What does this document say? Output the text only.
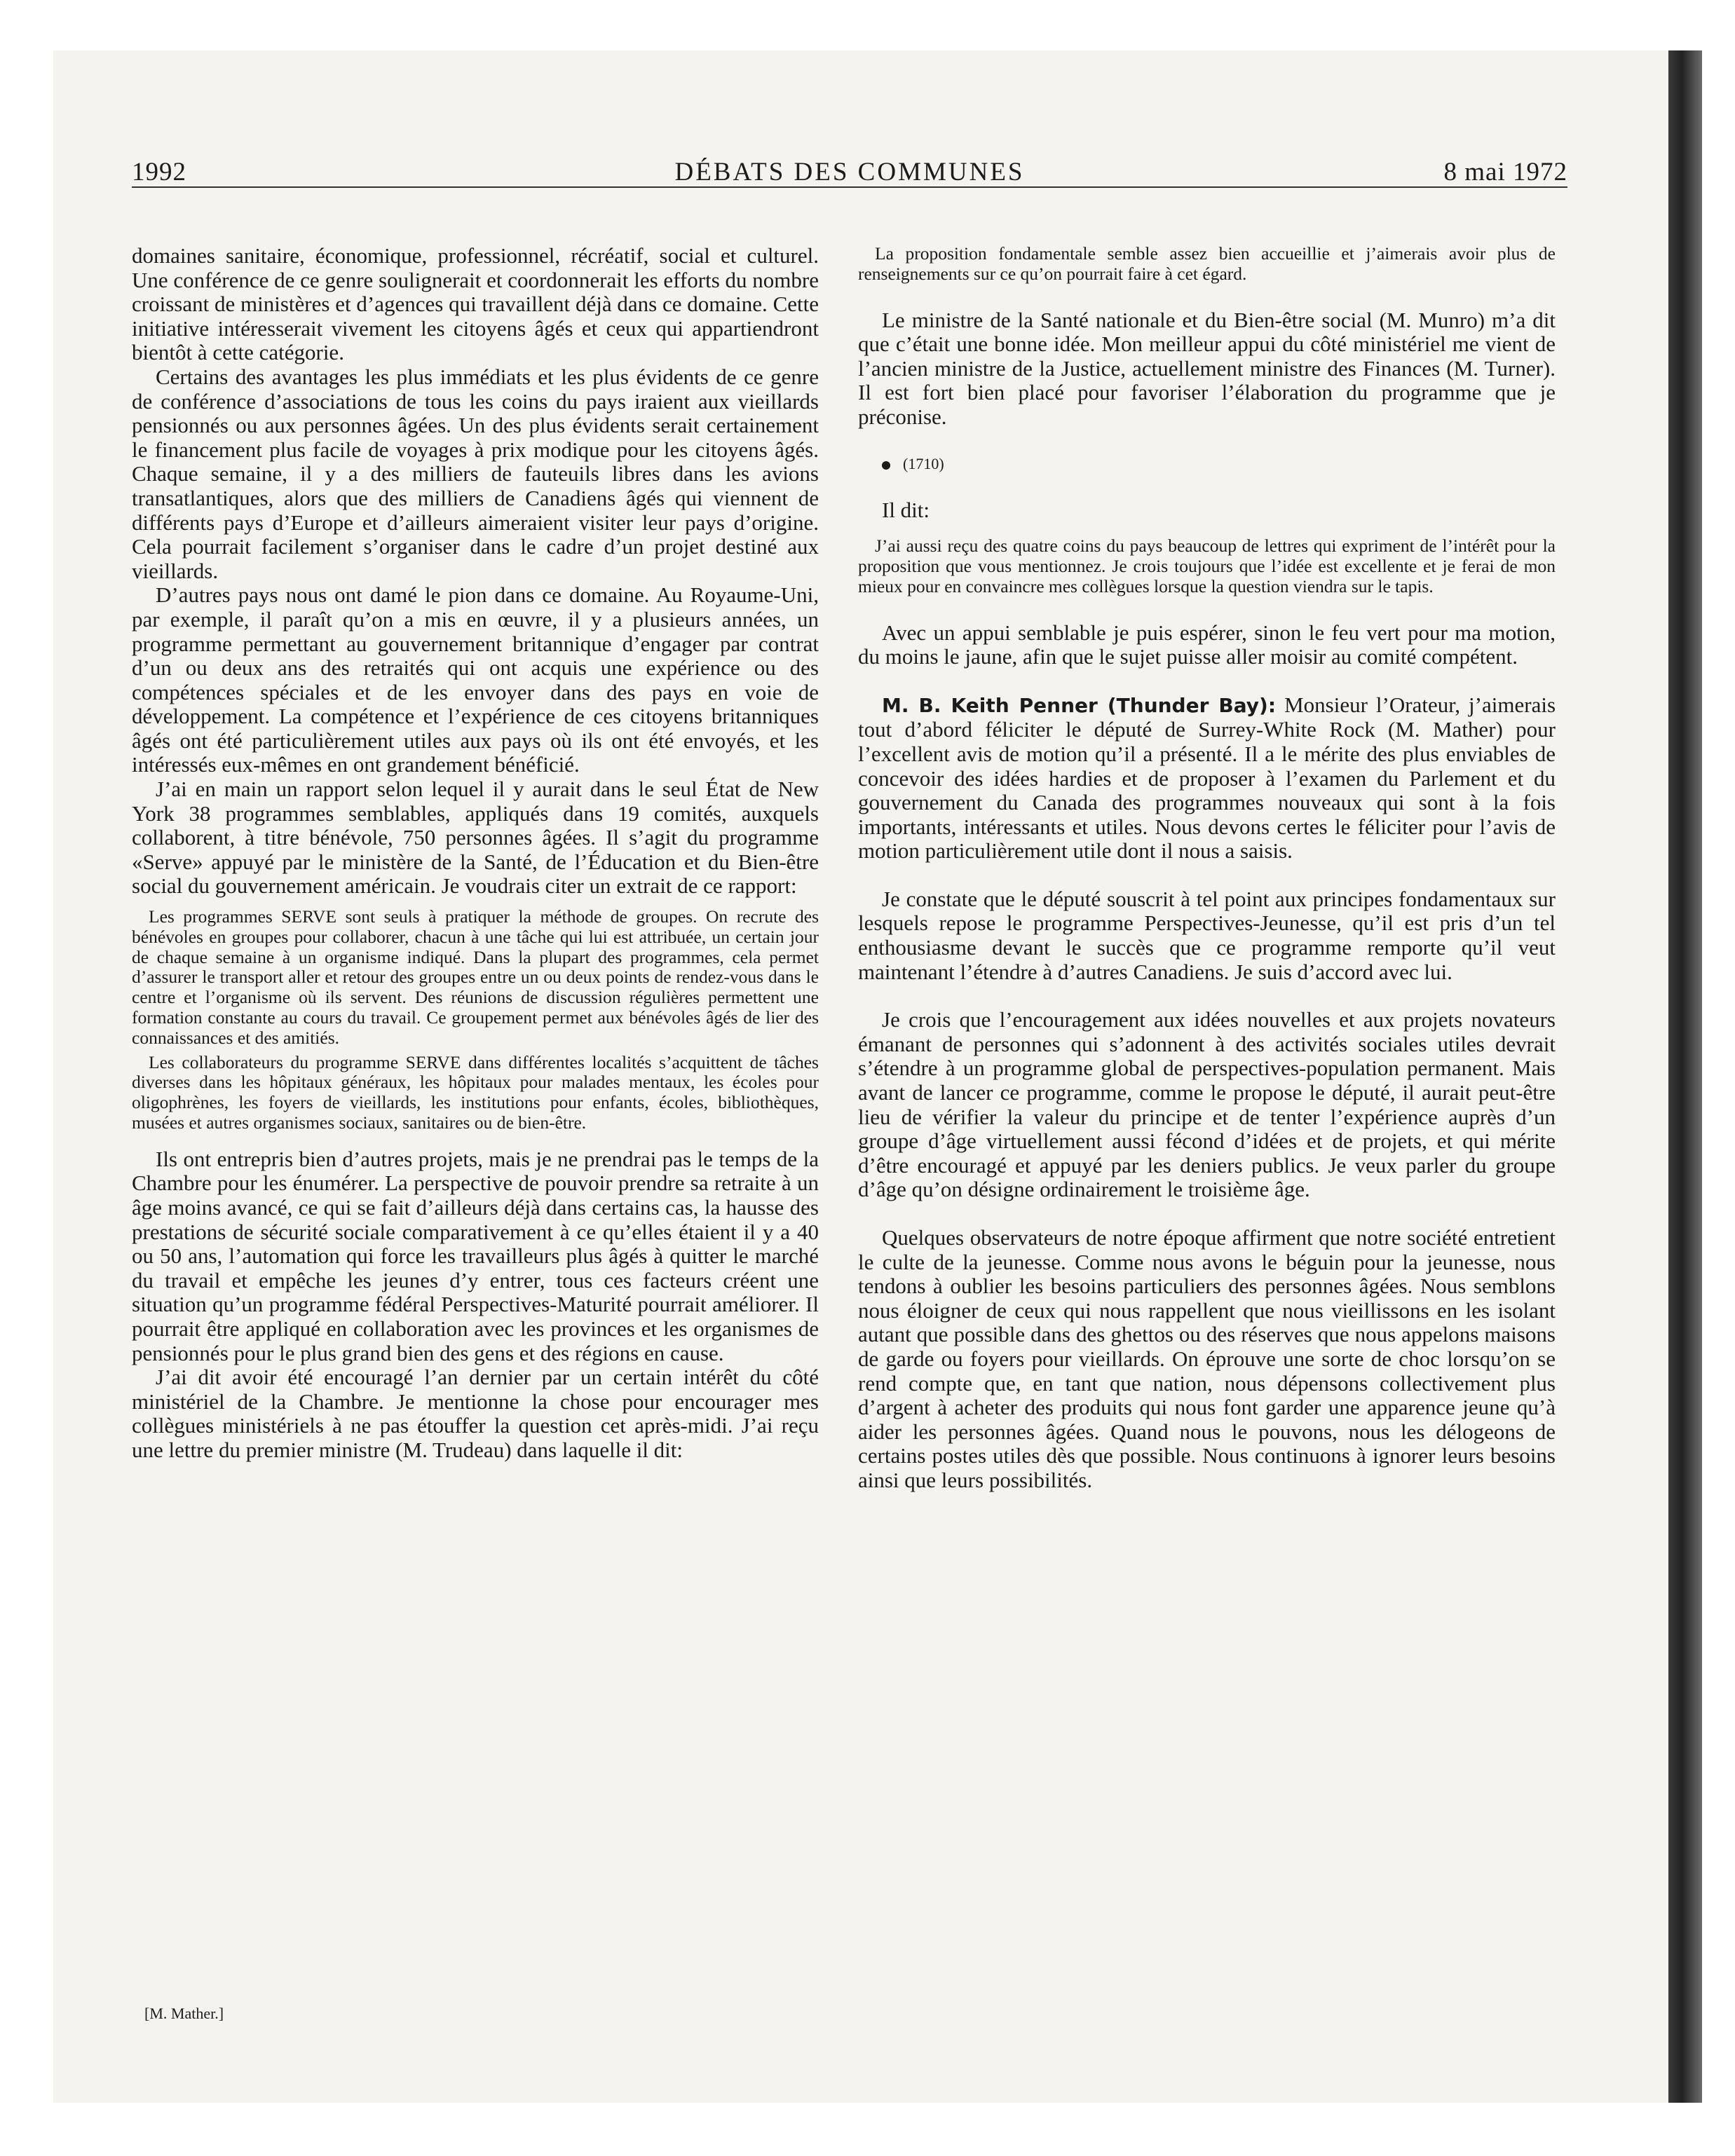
1992	DÉBATS DES COMMUNES	8 mai 1972

domaines sanitaire, économique, professionnel, récréatif, social et culturel. Une conférence de ce genre soulignerait et coordonnerait les efforts du nombre croissant de ministères et d’agences qui travaillent déjà dans ce domaine. Cette initiative intéresserait vivement les citoyens âgés et ceux qui appartiendront bientôt à cette catégorie.

Certains des avantages les plus immédiats et les plus évidents de ce genre de conférence d’associations de tous les coins du pays iraient aux vieillards pensionnés ou aux personnes âgées. Un des plus évidents serait certainement le financement plus facile de voyages à prix modique pour les citoyens âgés. Chaque semaine, il y a des milliers de fauteuils libres dans les avions transatlantiques, alors que des milliers de Canadiens âgés qui viennent de différents pays d’Europe et d’ailleurs aimeraient visiter leur pays d’origine. Cela pourrait facilement s’organiser dans le cadre d’un projet destiné aux vieillards.

D’autres pays nous ont damé le pion dans ce domaine. Au Royaume-Uni, par exemple, il paraît qu’on a mis en œuvre, il y a plusieurs années, un programme permettant au gouvernement britannique d’engager par contrat d’un ou deux ans des retraités qui ont acquis une expérience ou des compétences spéciales et de les envoyer dans des pays en voie de développement. La compétence et l’expérience de ces citoyens britanniques âgés ont été particulièrement utiles aux pays où ils ont été envoyés, et les intéressés eux-mêmes en ont grandement bénéficié.

J’ai en main un rapport selon lequel il y aurait dans le seul État de New York 38 programmes semblables, appliqués dans 19 comités, auxquels collaborent, à titre bénévole, 750 personnes âgées. Il s’agit du programme «Serve» appuyé par le ministère de la Santé, de l’Éducation et du Bien-être social du gouvernement américain. Je voudrais citer un extrait de ce rapport:

Les programmes SERVE sont seuls à pratiquer la méthode de groupes. On recrute des bénévoles en groupes pour collaborer, chacun à une tâche qui lui est attribuée, un certain jour de chaque semaine à un organisme indiqué. Dans la plupart des programmes, cela permet d’assurer le transport aller et retour des groupes entre un ou deux points de rendez-vous dans le centre et l’organisme où ils servent. Des réunions de discussion régulières permettent une formation constante au cours du travail. Ce groupement permet aux bénévoles âgés de lier des connaissances et des amitiés.

Les collaborateurs du programme SERVE dans différentes localités s’acquittent de tâches diverses dans les hôpitaux généraux, les hôpitaux pour malades mentaux, les écoles pour oligophrènes, les foyers de vieillards, les institutions pour enfants, écoles, bibliothèques, musées et autres organismes sociaux, sanitaires ou de bien-être.

Ils ont entrepris bien d’autres projets, mais je ne prendrai pas le temps de la Chambre pour les énumérer. La perspective de pouvoir prendre sa retraite à un âge moins avancé, ce qui se fait d’ailleurs déjà dans certains cas, la hausse des prestations de sécurité sociale comparativement à ce qu’elles étaient il y a 40 ou 50 ans, l’automation qui force les travailleurs plus âgés à quitter le marché du travail et empêche les jeunes d’y entrer, tous ces facteurs créent une situation qu’un programme fédéral Perspectives-Maturité pourrait améliorer. Il pourrait être appliqué en collaboration avec les provinces et les organismes de pensionnés pour le plus grand bien des gens et des régions en cause.

J’ai dit avoir été encouragé l’an dernier par un certain intérêt du côté ministériel de la Chambre. Je mentionne la chose pour encourager mes collègues ministériels à ne pas étouffer la question cet après-midi. J’ai reçu une lettre du premier ministre (M. Trudeau) dans laquelle il dit:

La proposition fondamentale semble assez bien accueillie et j’aimerais avoir plus de renseignements sur ce qu’on pourrait faire à cet égard.

Le ministre de la Santé nationale et du Bien-être social (M. Munro) m’a dit que c’était une bonne idée. Mon meilleur appui du côté ministériel me vient de l’ancien ministre de la Justice, actuellement ministre des Finances (M. Turner). Il est fort bien placé pour favoriser l’élaboration du programme que je préconise.

(1710)

Il dit:

J’ai aussi reçu des quatre coins du pays beaucoup de lettres qui expriment de l’intérêt pour la proposition que vous mentionnez. Je crois toujours que l’idée est excellente et je ferai de mon mieux pour en convaincre mes collègues lorsque la question viendra sur le tapis.

Avec un appui semblable je puis espérer, sinon le feu vert pour ma motion, du moins le jaune, afin que le sujet puisse aller moisir au comité compétent.

M. B. Keith Penner (Thunder Bay): Monsieur l’Orateur, j’aimerais tout d’abord féliciter le député de Surrey-White Rock (M. Mather) pour l’excellent avis de motion qu’il a présenté. Il a le mérite des plus enviables de concevoir des idées hardies et de proposer à l’examen du Parlement et du gouvernement du Canada des programmes nouveaux qui sont à la fois importants, intéressants et utiles. Nous devons certes le féliciter pour l’avis de motion particulièrement utile dont il nous a saisis.

Je constate que le député souscrit à tel point aux principes fondamentaux sur lesquels repose le programme Perspectives-Jeunesse, qu’il est pris d’un tel enthousiasme devant le succès que ce programme remporte qu’il veut maintenant l’étendre à d’autres Canadiens. Je suis d’accord avec lui.

Je crois que l’encouragement aux idées nouvelles et aux projets novateurs émanant de personnes qui s’adonnent à des activités sociales utiles devrait s’étendre à un programme global de perspectives-population permanent. Mais avant de lancer ce programme, comme le propose le député, il aurait peut-être lieu de vérifier la valeur du principe et de tenter l’expérience auprès d’un groupe d’âge virtuellement aussi fécond d’idées et de projets, et qui mérite d’être encouragé et appuyé par les deniers publics. Je veux parler du groupe d’âge qu’on désigne ordinairement le troisième âge.

Quelques observateurs de notre époque affirment que notre société entretient le culte de la jeunesse. Comme nous avons le béguin pour la jeunesse, nous tendons à oublier les besoins particuliers des personnes âgées. Nous semblons nous éloigner de ceux qui nous rappellent que nous vieillissons en les isolant autant que possible dans des ghettos ou des réserves que nous appelons maisons de garde ou foyers pour vieillards. On éprouve une sorte de choc lorsqu’on se rend compte que, en tant que nation, nous dépensons collectivement plus d’argent à acheter des produits qui nous font garder une apparence jeune qu’à aider les personnes âgées. Quand nous le pouvons, nous les délogeons de certains postes utiles dès que possible. Nous continuons à ignorer leurs besoins ainsi que leurs possibilités.

[M. Mather.]
